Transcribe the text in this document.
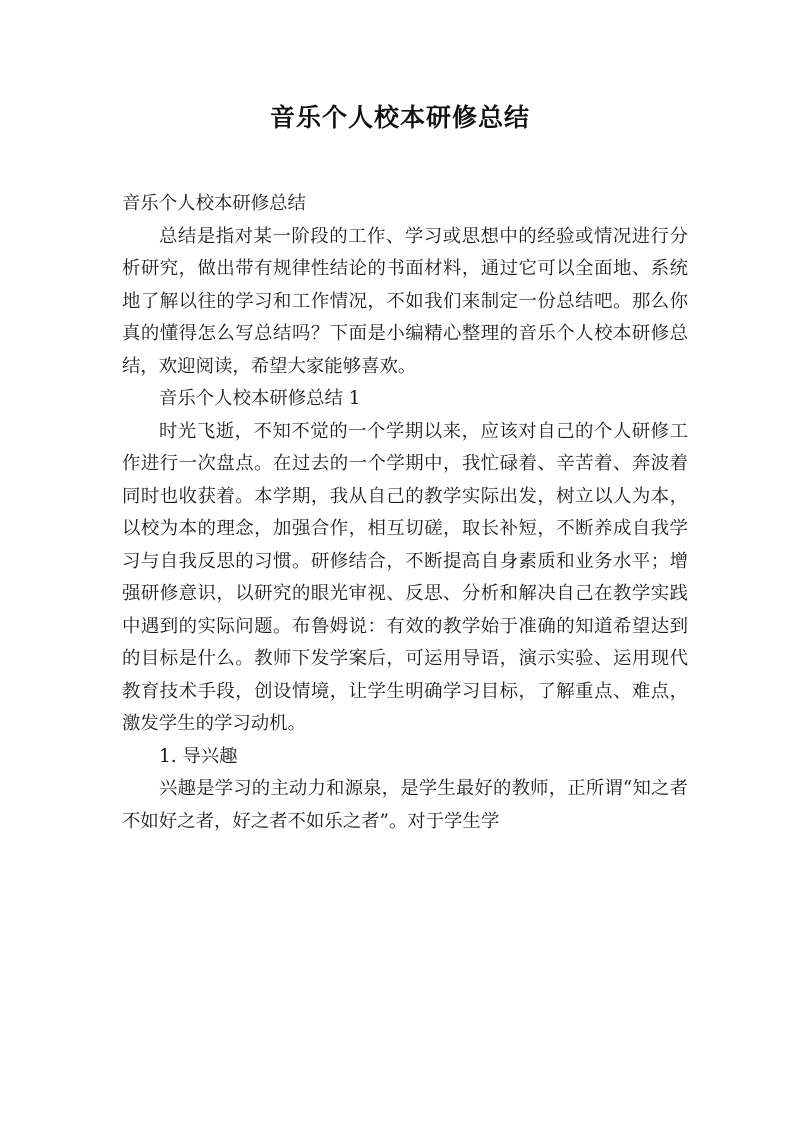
音乐个人校本研修总结

音乐个人校本研修总结

总结是指对某一阶段的工作、学习或思想中的经验或情况进行分析研究，做出带有规律性结论的书面材料，通过它可以全面地、系统地了解以往的学习和工作情况，不如我们来制定一份总结吧。那么你真的懂得怎么写总结吗？下面是小编精心整理的音乐个人校本研修总结，欢迎阅读，希望大家能够喜欢。

音乐个人校本研修总结 1

时光飞逝，不知不觉的一个学期以来，应该对自己的个人研修工作进行一次盘点。在过去的一个学期中，我忙碌着、辛苦着、奔波着同时也收获着。本学期，我从自己的教学实际出发，树立以人为本，以校为本的理念，加强合作，相互切磋，取长补短，不断养成自我学习与自我反思的习惯。研修结合，不断提高自身素质和业务水平；增强研修意识，以研究的眼光审视、反思、分析和解决自己在教学实践中遇到的实际问题。布鲁姆说：有效的教学始于准确的知道希望达到的目标是什么。教师下发学案后，可运用导语，演示实验、运用现代教育技术手段，创设情境，让学生明确学习目标，了解重点、难点，激发学生的学习动机。

1. 导兴趣

兴趣是学习的主动力和源泉，是学生最好的教师，正所谓“知之者不如好之者，好之者不如乐之者”。对于学生学
